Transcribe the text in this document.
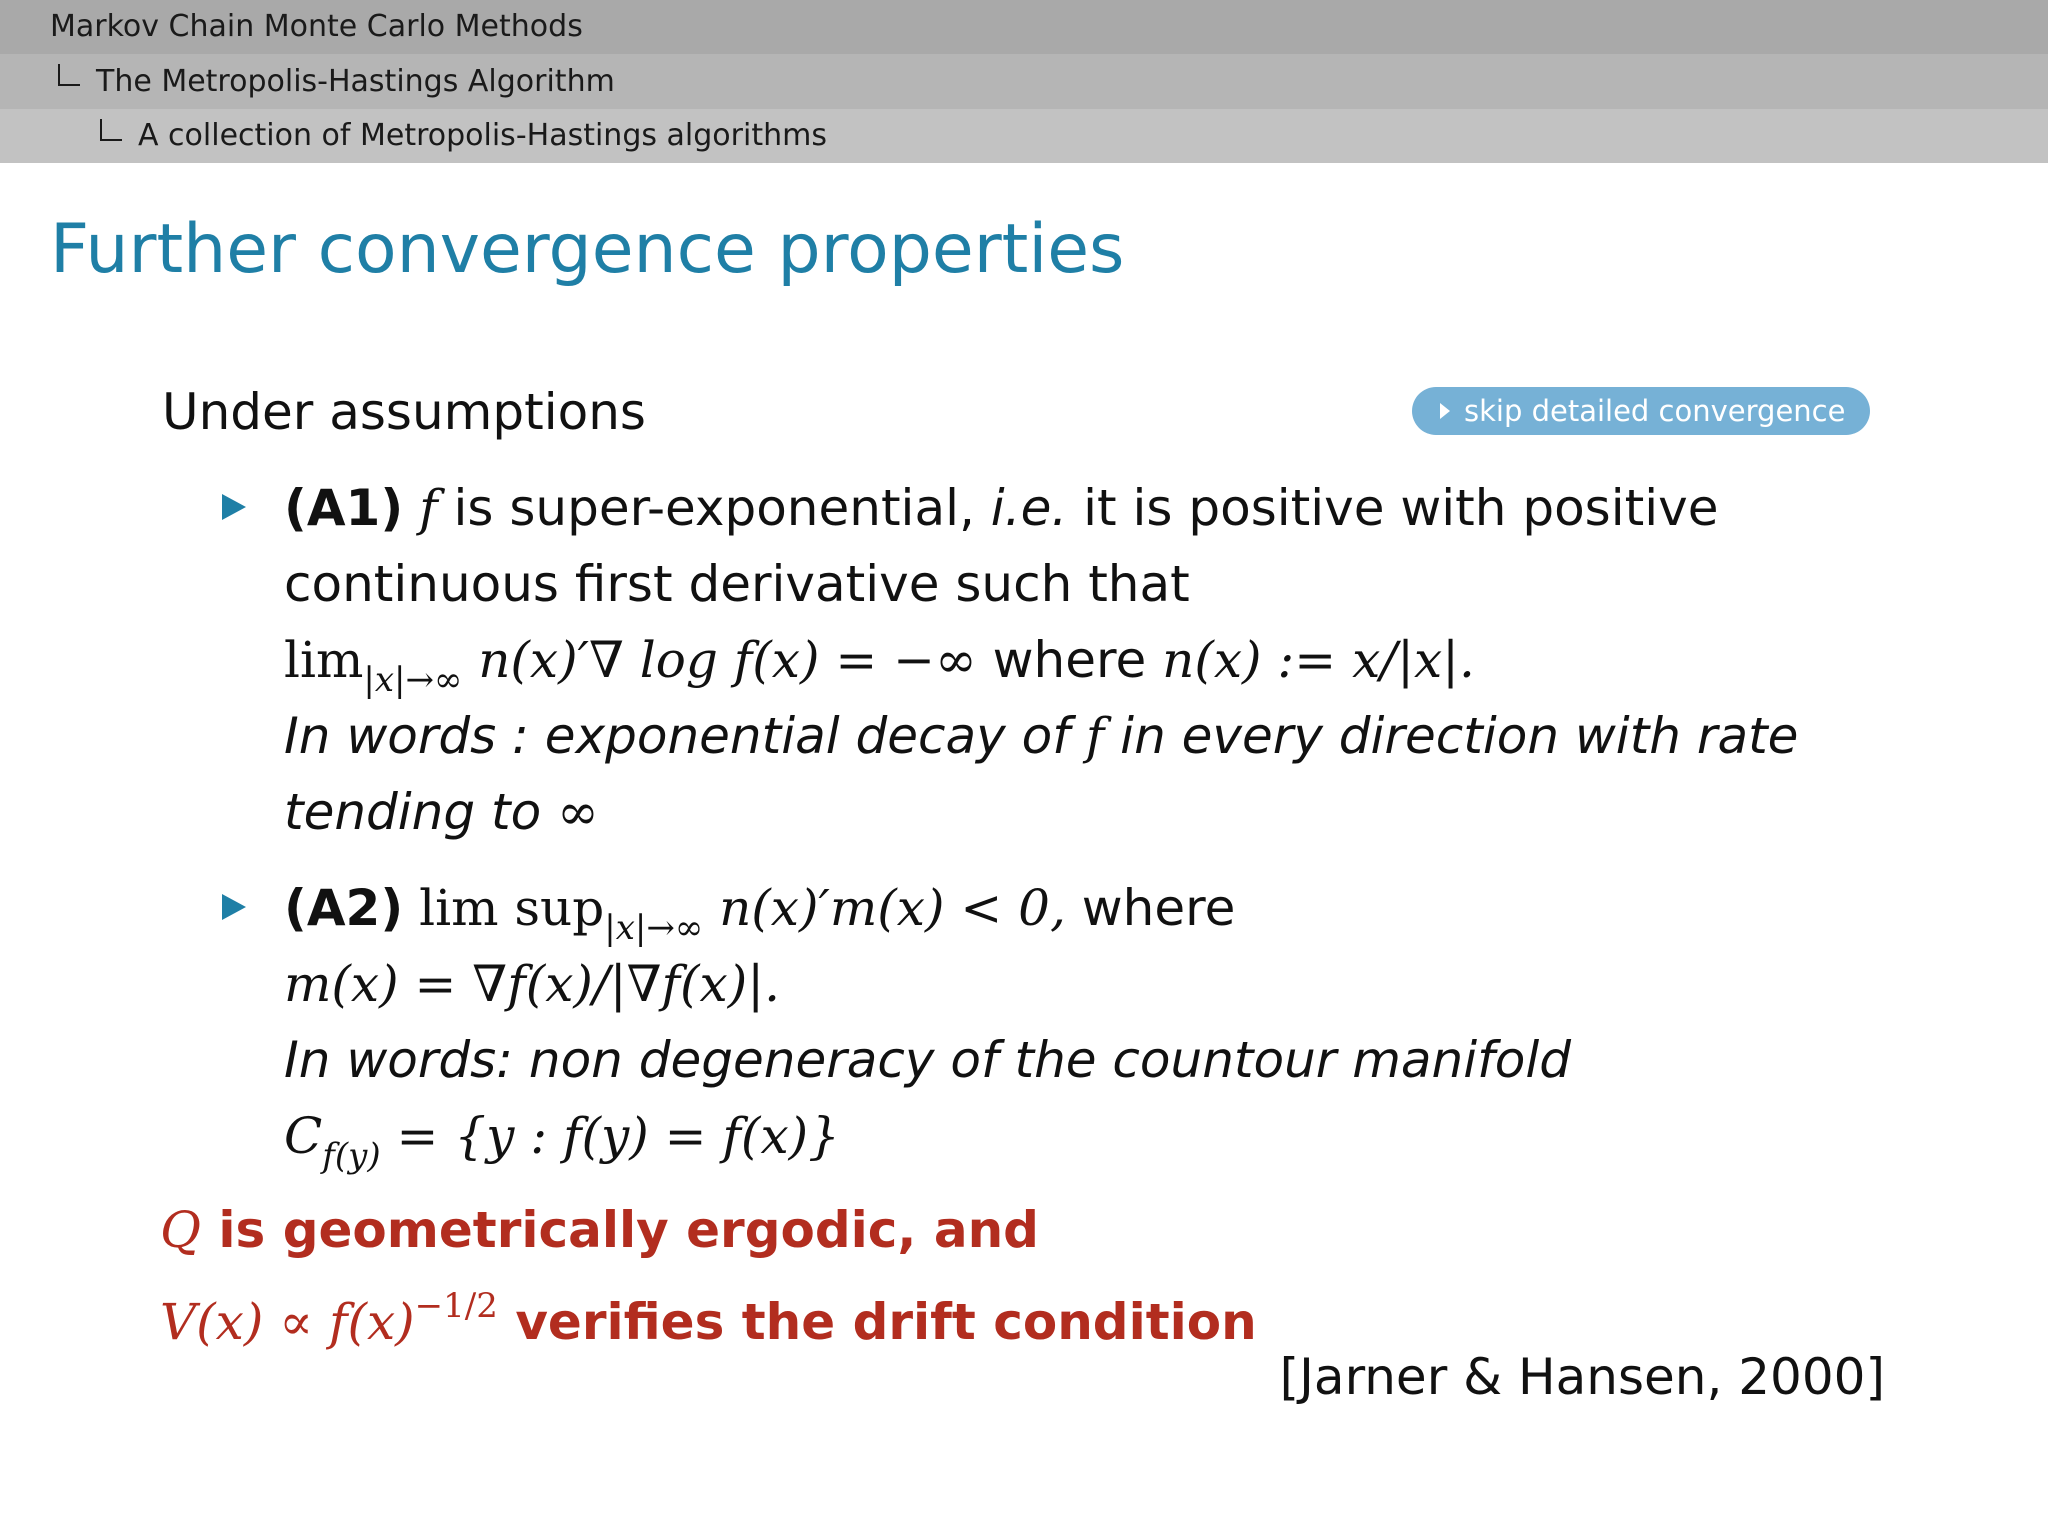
Markov Chain Monte Carlo Methods
The Metropolis-Hastings Algorithm
A collection of Metropolis-Hastings algorithms
Further convergence properties
Under assumptions	skip detailed convergence
(A1) f is super-exponential, i.e. it is positive with positive
continuous first derivative such that
$\lim_{|x|\to\infty} n(x)'\nabla$ log f(x) = −∞ where n(x) := x/|x|.
In words : exponential decay of f in every direction with rate
tending to ∞
(A2) lim sup$_{|x|\to\infty}$ n(x)′m(x) < 0, where
m(x) = ∇f(x)/|∇f(x)|.
In words: non degeneracy of the countour manifold
$C_{f(y)} = \{y$ : f(y) = f(x)}
Q is geometrically ergodic, and
$V(x) \propto f(x)^{-1/2}$ verifies the drift condition
[Jarner & Hansen, 2000]
